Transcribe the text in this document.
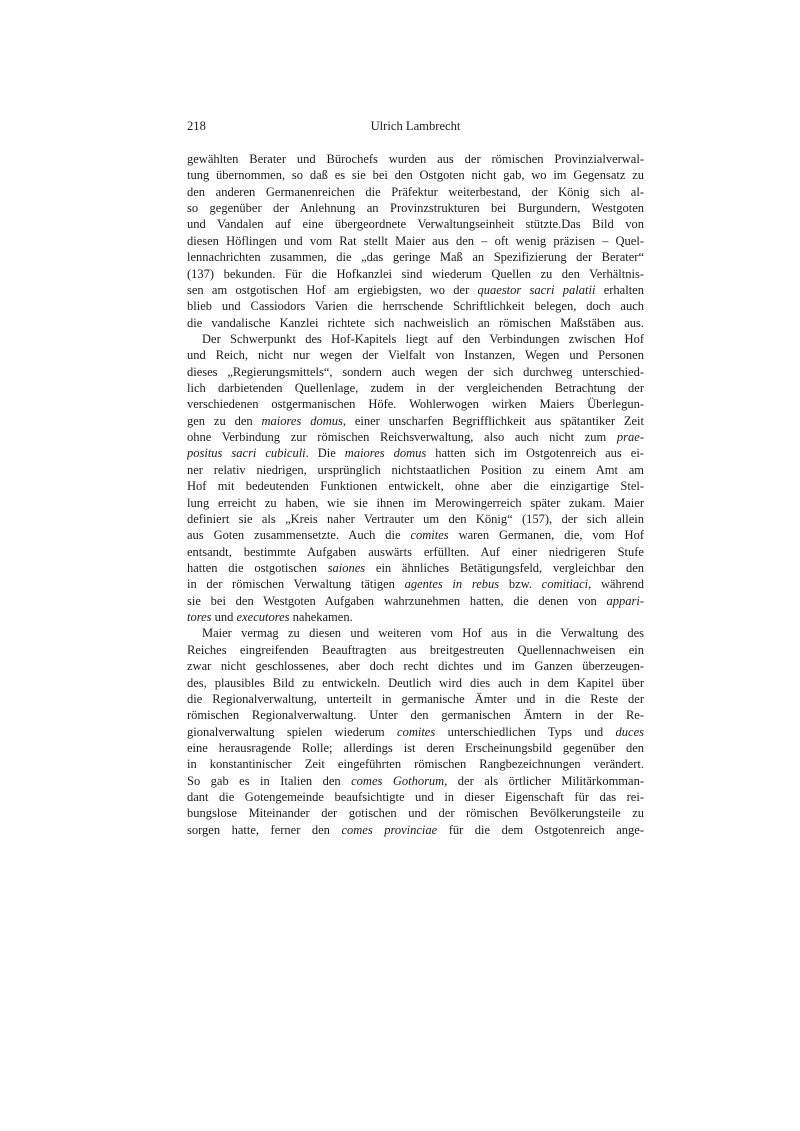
218	Ulrich Lambrecht
gewählten Berater und Bürochefs wurden aus der römischen Provinzialverwal-
tung übernommen, so daß es sie bei den Ostgoten nicht gab, wo im Gegensatz zu
den anderen Germanenreichen die Präfektur weiterbestand, der König sich al-
so gegenüber der Anlehnung an Provinzstrukturen bei Burgundern, Westgoten
und Vandalen auf eine übergeordnete Verwaltungseinheit stützte.Das Bild von
diesen Höflingen und vom Rat stellt Maier aus den – oft wenig präzisen – Quel-
lennachrichten zusammen, die „das geringe Maß an Spezifizierung der Berater“
(137) bekunden. Für die Hofkanzlei sind wiederum Quellen zu den Verhältnis-
sen am ostgotischen Hof am ergiebigsten, wo der quaestor sacri palatii erhalten
blieb und Cassiodors Varien die herrschende Schriftlichkeit belegen, doch auch
die vandalische Kanzlei richtete sich nachweislich an römischen Maßstäben aus.
Der Schwerpunkt des Hof-Kapitels liegt auf den Verbindungen zwischen Hof
und Reich, nicht nur wegen der Vielfalt von Instanzen, Wegen und Personen
dieses „Regierungsmittels“, sondern auch wegen der sich durchweg unterschied-
lich darbietenden Quellenlage, zudem in der vergleichenden Betrachtung der
verschiedenen ostgermanischen Höfe. Wohlerwogen wirken Maiers Überlegun-
gen zu den maiores domus, einer unscharfen Begrifflichkeit aus spätantiker Zeit
ohne Verbindung zur römischen Reichsverwaltung, also auch nicht zum prae-
positus sacri cubiculi. Die maiores domus hatten sich im Ostgotenreich aus ei-
ner relativ niedrigen, ursprünglich nichtstaatlichen Position zu einem Amt am
Hof mit bedeutenden Funktionen entwickelt, ohne aber die einzigartige Stel-
lung erreicht zu haben, wie sie ihnen im Merowingerreich später zukam. Maier
definiert sie als „Kreis naher Vertrauter um den König“ (157), der sich allein
aus Goten zusammensetzte. Auch die comites waren Germanen, die, vom Hof
entsandt, bestimmte Aufgaben auswärts erfüllten. Auf einer niedrigeren Stufe
hatten die ostgotischen saiones ein ähnliches Betätigungsfeld, vergleichbar den
in der römischen Verwaltung tätigen agentes in rebus bzw. comitiaci, während
sie bei den Westgoten Aufgaben wahrzunehmen hatten, die denen von appari-
tores und executores nahekamen.
Maier vermag zu diesen und weiteren vom Hof aus in die Verwaltung des
Reiches eingreifenden Beauftragten aus breitgestreuten Quellennachweisen ein
zwar nicht geschlossenes, aber doch recht dichtes und im Ganzen überzeugen-
des, plausibles Bild zu entwickeln. Deutlich wird dies auch in dem Kapitel über
die Regionalverwaltung, unterteilt in germanische Ämter und in die Reste der
römischen Regionalverwaltung. Unter den germanischen Ämtern in der Re-
gionalverwaltung spielen wiederum comites unterschiedlichen Typs und duces
eine herausragende Rolle; allerdings ist deren Erscheinungsbild gegenüber den
in konstantinischer Zeit eingeführten römischen Rangbezeichnungen verändert.
So gab es in Italien den comes Gothorum, der als örtlicher Militärkomman-
dant die Gotengemeinde beaufsichtigte und in dieser Eigenschaft für das rei-
bungslose Miteinander der gotischen und der römischen Bevölkerungsteile zu
sorgen hatte, ferner den comes provinciae für die dem Ostgotenreich ange-
